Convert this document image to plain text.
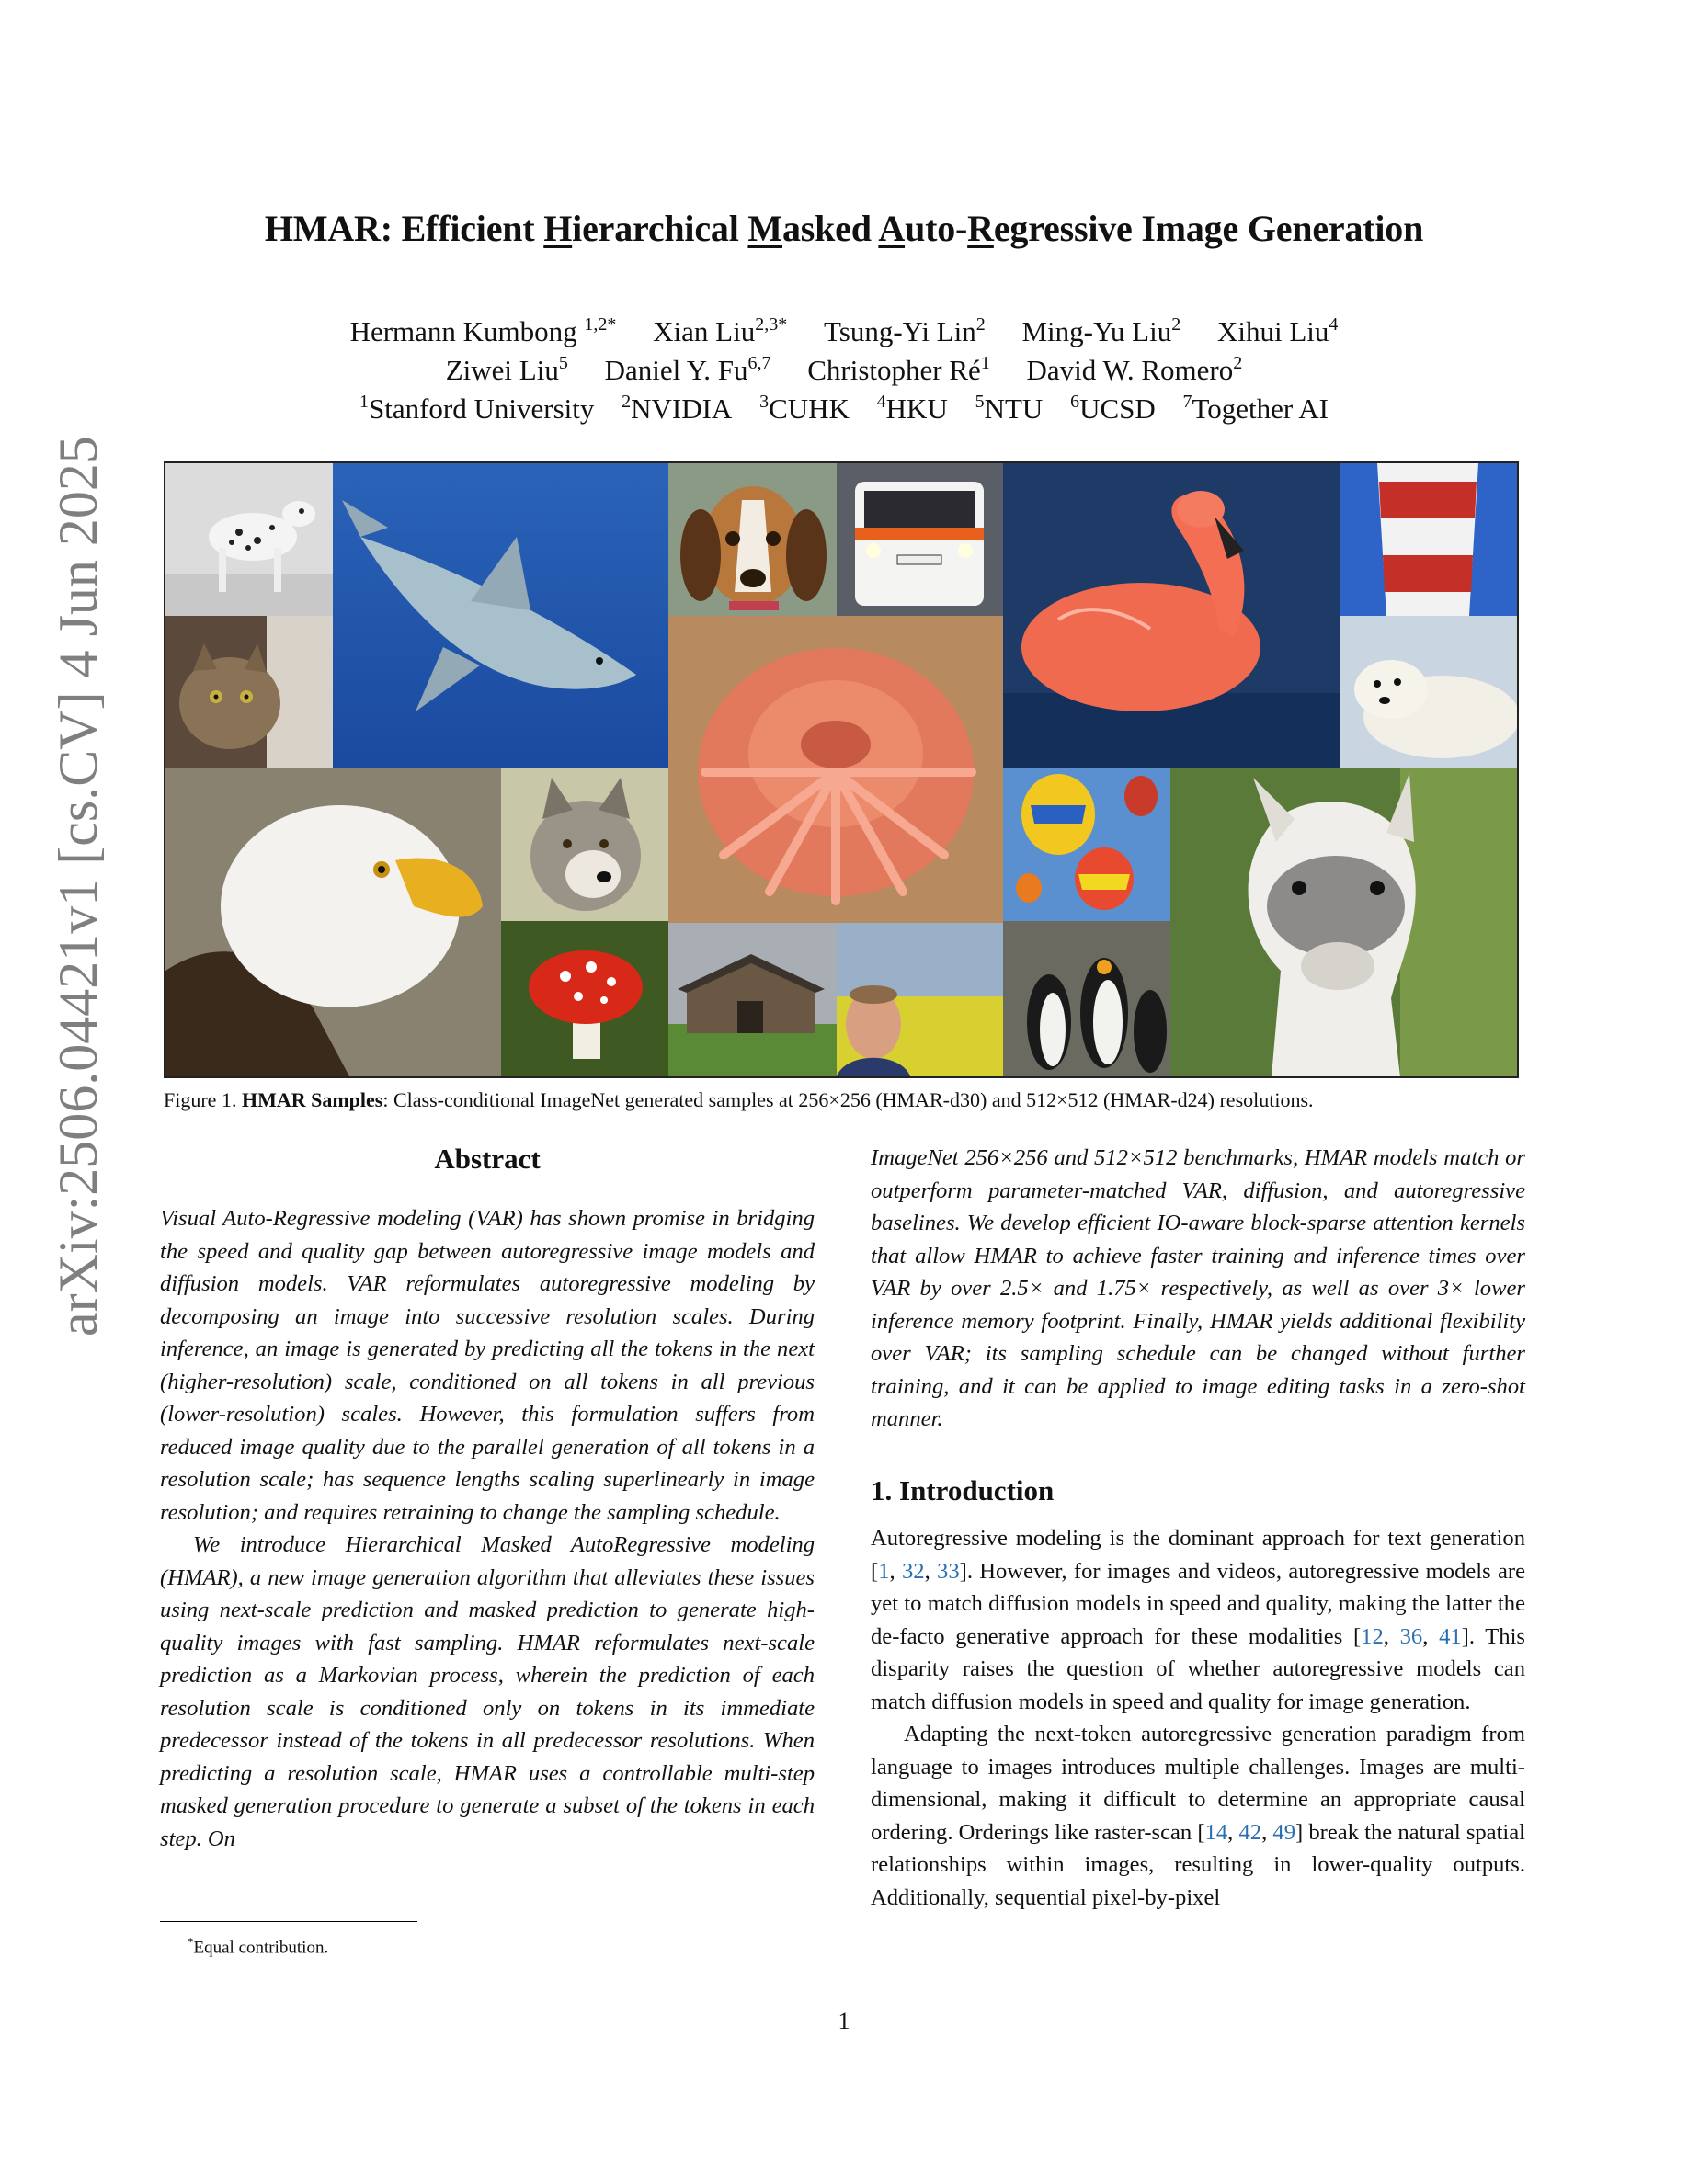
arXiv:2506.04421v1 [cs.CV] 4 Jun 2025
HMAR: Efficient Hierarchical Masked Auto-Regressive Image Generation
Hermann Kumbong $^{1,2*}$ Xian Liu$^{2,3*}$ Tsung-Yi Lin$^2$ Ming-Yu Liu$^2$ Xihui Liu$^4$
Ziwei Liu$^5$ Daniel Y. Fu$^{6,7}$ Christopher $Ré^1$ David W. Romero$^2$
$^1$Stanford University $^2$NVIDIA $^3$CUHK $^4$HKU $^5$NTU $^6$UCSD $^7$Together AI
Figure 1. HMAR Samples: Class-conditional ImageNet generated samples at 256×256 (HMAR-d30) and 512×512 (HMAR-d24) resolutions.
Abstract

Visual Auto-Regressive modeling (VAR) has shown promise in bridging the speed and quality gap between autoregressive image models and diffusion models. VAR reformulates autoregressive modeling by decomposing an image into successive resolution scales. During inference, an image is generated by predicting all the tokens in the next (higher-resolution) scale, conditioned on all tokens in all previous (lower-resolution) scales. However, this formulation suffers from reduced image quality due to the parallel generation of all tokens in a resolution scale; has sequence lengths scaling superlinearly in image resolution; and requires retraining to change the sampling schedule.

We introduce Hierarchical Masked AutoRegressive modeling (HMAR), a new image generation algorithm that alleviates these issues using next-scale prediction and masked prediction to generate high-quality images with fast sampling. HMAR reformulates next-scale prediction as a Markovian process, wherein the prediction of each resolution scale is conditioned only on tokens in its immediate predecessor instead of the tokens in all predecessor resolutions. When predicting a resolution scale, HMAR uses a controllable multi-step masked generation procedure to generate a subset of the tokens in each step. On

ImageNet 256×256 and 512×512 benchmarks, HMAR models match or outperform parameter-matched VAR, diffusion, and autoregressive baselines. We develop efficient IO-aware block-sparse attention kernels that allow HMAR to achieve faster training and inference times over VAR by over 2.5× and 1.75× respectively, as well as over 3× lower inference memory footprint. Finally, HMAR yields additional flexibility over VAR; its sampling schedule can be changed without further training, and it can be applied to image editing tasks in a zero-shot manner.

1. Introduction

Autoregressive modeling is the dominant approach for text generation [1, 32, 33]. However, for images and videos, autoregressive models are yet to match diffusion models in speed and quality, making the latter the de-facto generative approach for these modalities [12, 36, 41]. This disparity raises the question of whether autoregressive models can match diffusion models in speed and quality for image generation.

Adapting the next-token autoregressive generation paradigm from language to images introduces multiple challenges. Images are multi-dimensional, making it difficult to determine an appropriate causal ordering. Orderings like raster-scan [14, 42, 49] break the natural spatial relationships within images, resulting in lower-quality outputs. Additionally, sequential pixel-by-pixel

*Equal contribution.
1
